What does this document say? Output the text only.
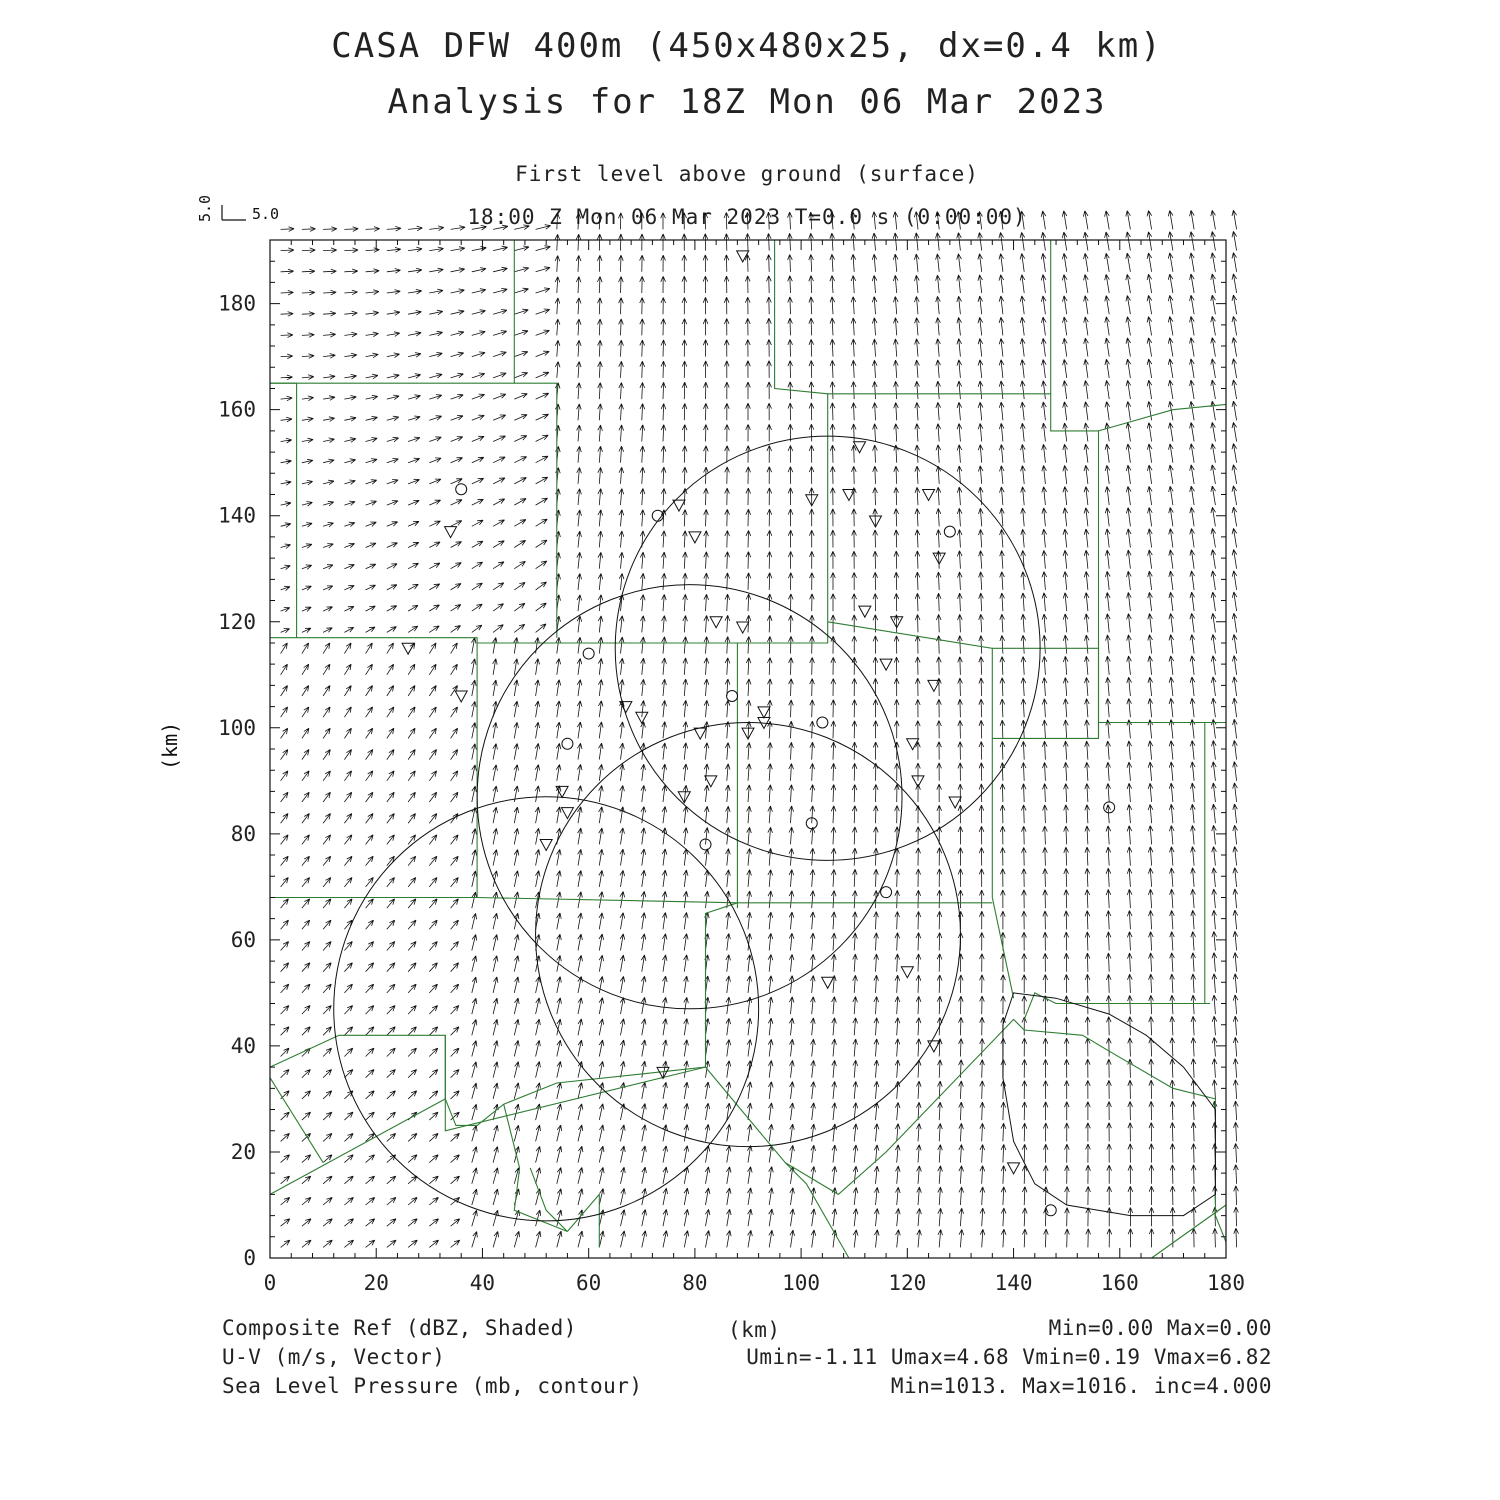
CASA DFW 400m (450x480x25, dx=0.4 km)
Analysis for 18Z Mon 06 Mar 2023
First level above ground (surface)
18:00 Z Mon 06 Mar 2023 T=0.0 s (0:00:00)
5.0	5.0
0	20	40	60	80	100	120	140	160	180
0
20
40
60
80
100
120
140
160
180
(km)
(km)
Composite Ref (dBZ, Shaded)	Min=0.00 Max=0.00
U-V (m/s, Vector)	Umin=-1.11 Umax=4.68 Vmin=0.19 Vmax=6.82
Sea Level Pressure (mb, contour)	Min=1013. Max=1016. inc=4.000
